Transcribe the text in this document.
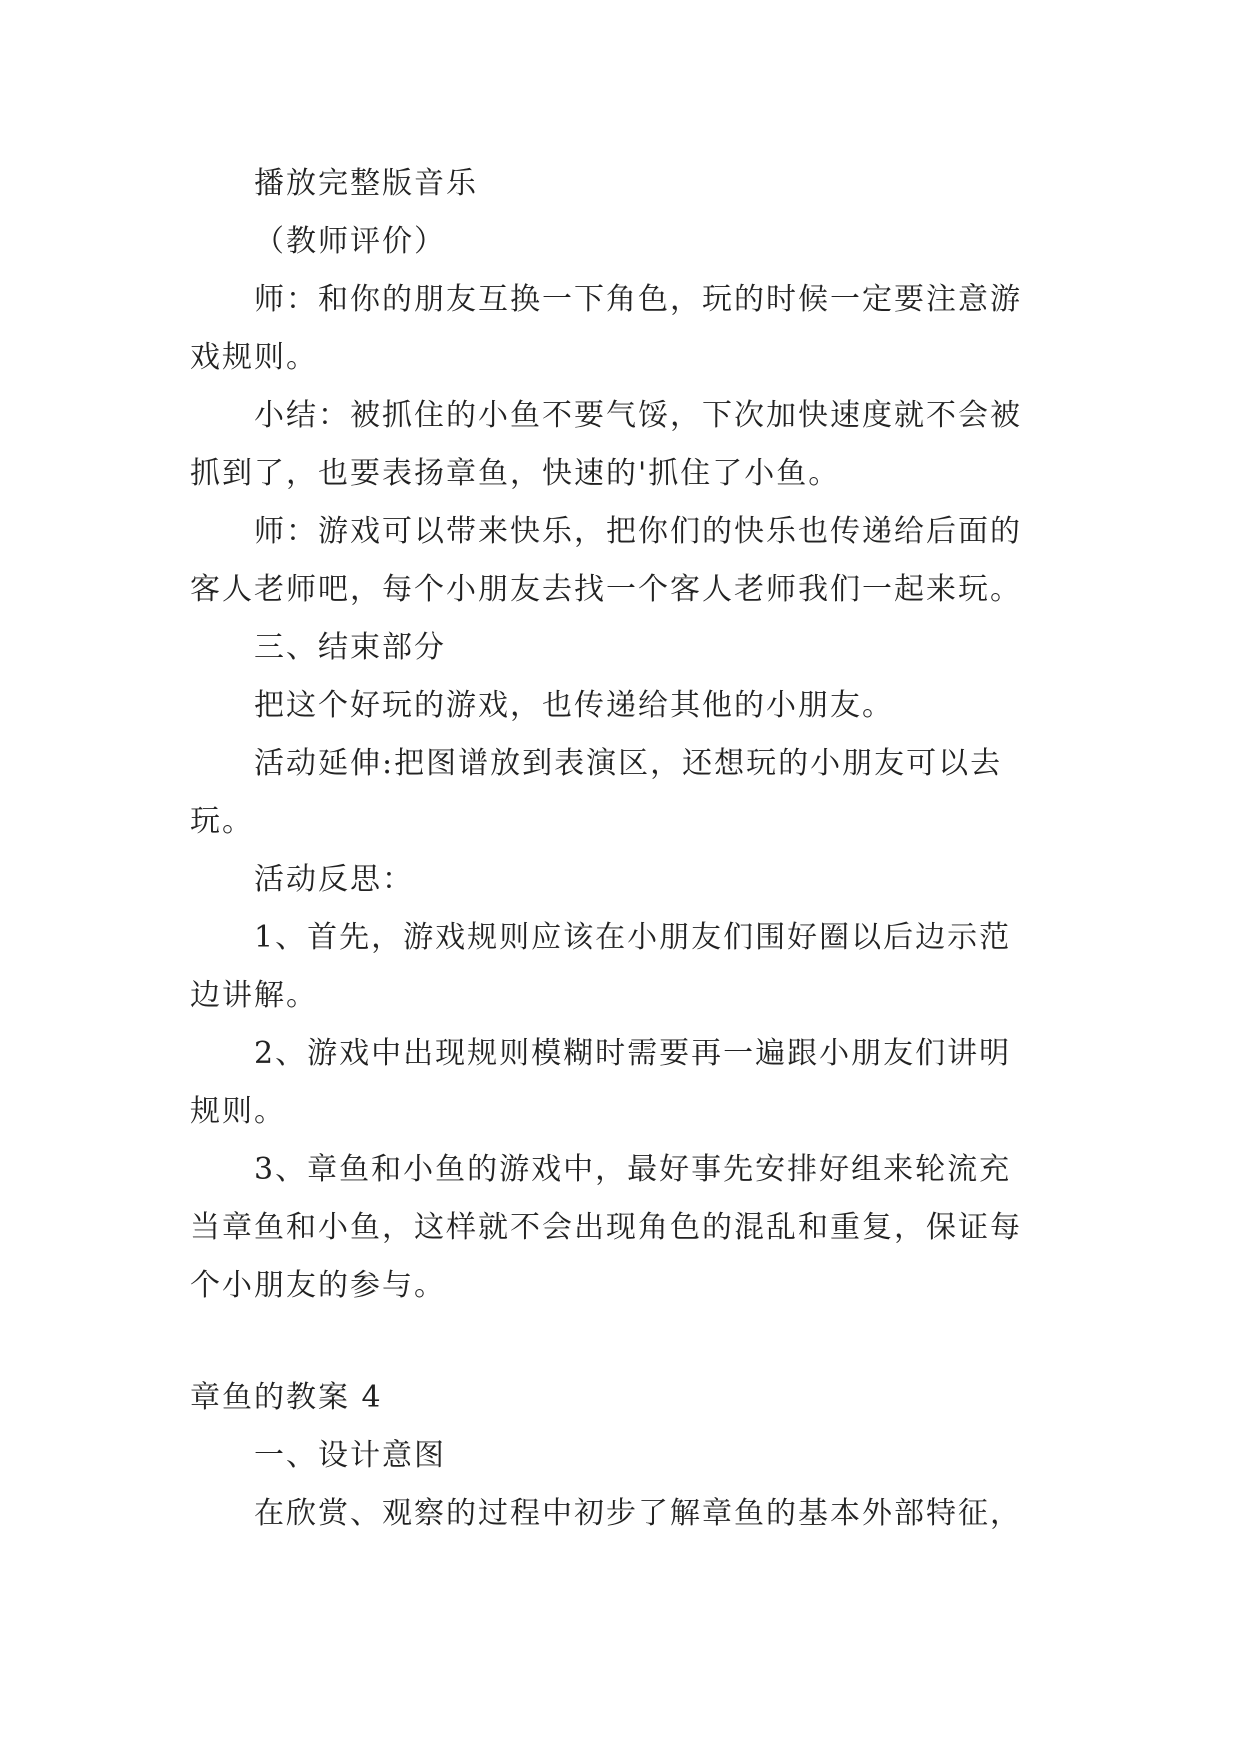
播放完整版音乐
（教师评价）
师：和你的朋友互换一下角色，玩的时候一定要注意游
戏规则。
小结：被抓住的小鱼不要气馁，下次加快速度就不会被
抓到了，也要表扬章鱼，快速的'抓住了小鱼。
师：游戏可以带来快乐，把你们的快乐也传递给后面的
客人老师吧，每个小朋友去找一个客人老师我们一起来玩。
三、结束部分
把这个好玩的游戏，也传递给其他的小朋友。
活动延伸:把图谱放到表演区，还想玩的小朋友可以去
玩。
活动反思：
1、首先，游戏规则应该在小朋友们围好圈以后边示范
边讲解。
2、游戏中出现规则模糊时需要再一遍跟小朋友们讲明
规则。
3、章鱼和小鱼的游戏中，最好事先安排好组来轮流充
当章鱼和小鱼，这样就不会出现角色的混乱和重复，保证每
个小朋友的参与。
章鱼的教案 4
一、设计意图
在欣赏、观察的过程中初步了解章鱼的基本外部特征，
